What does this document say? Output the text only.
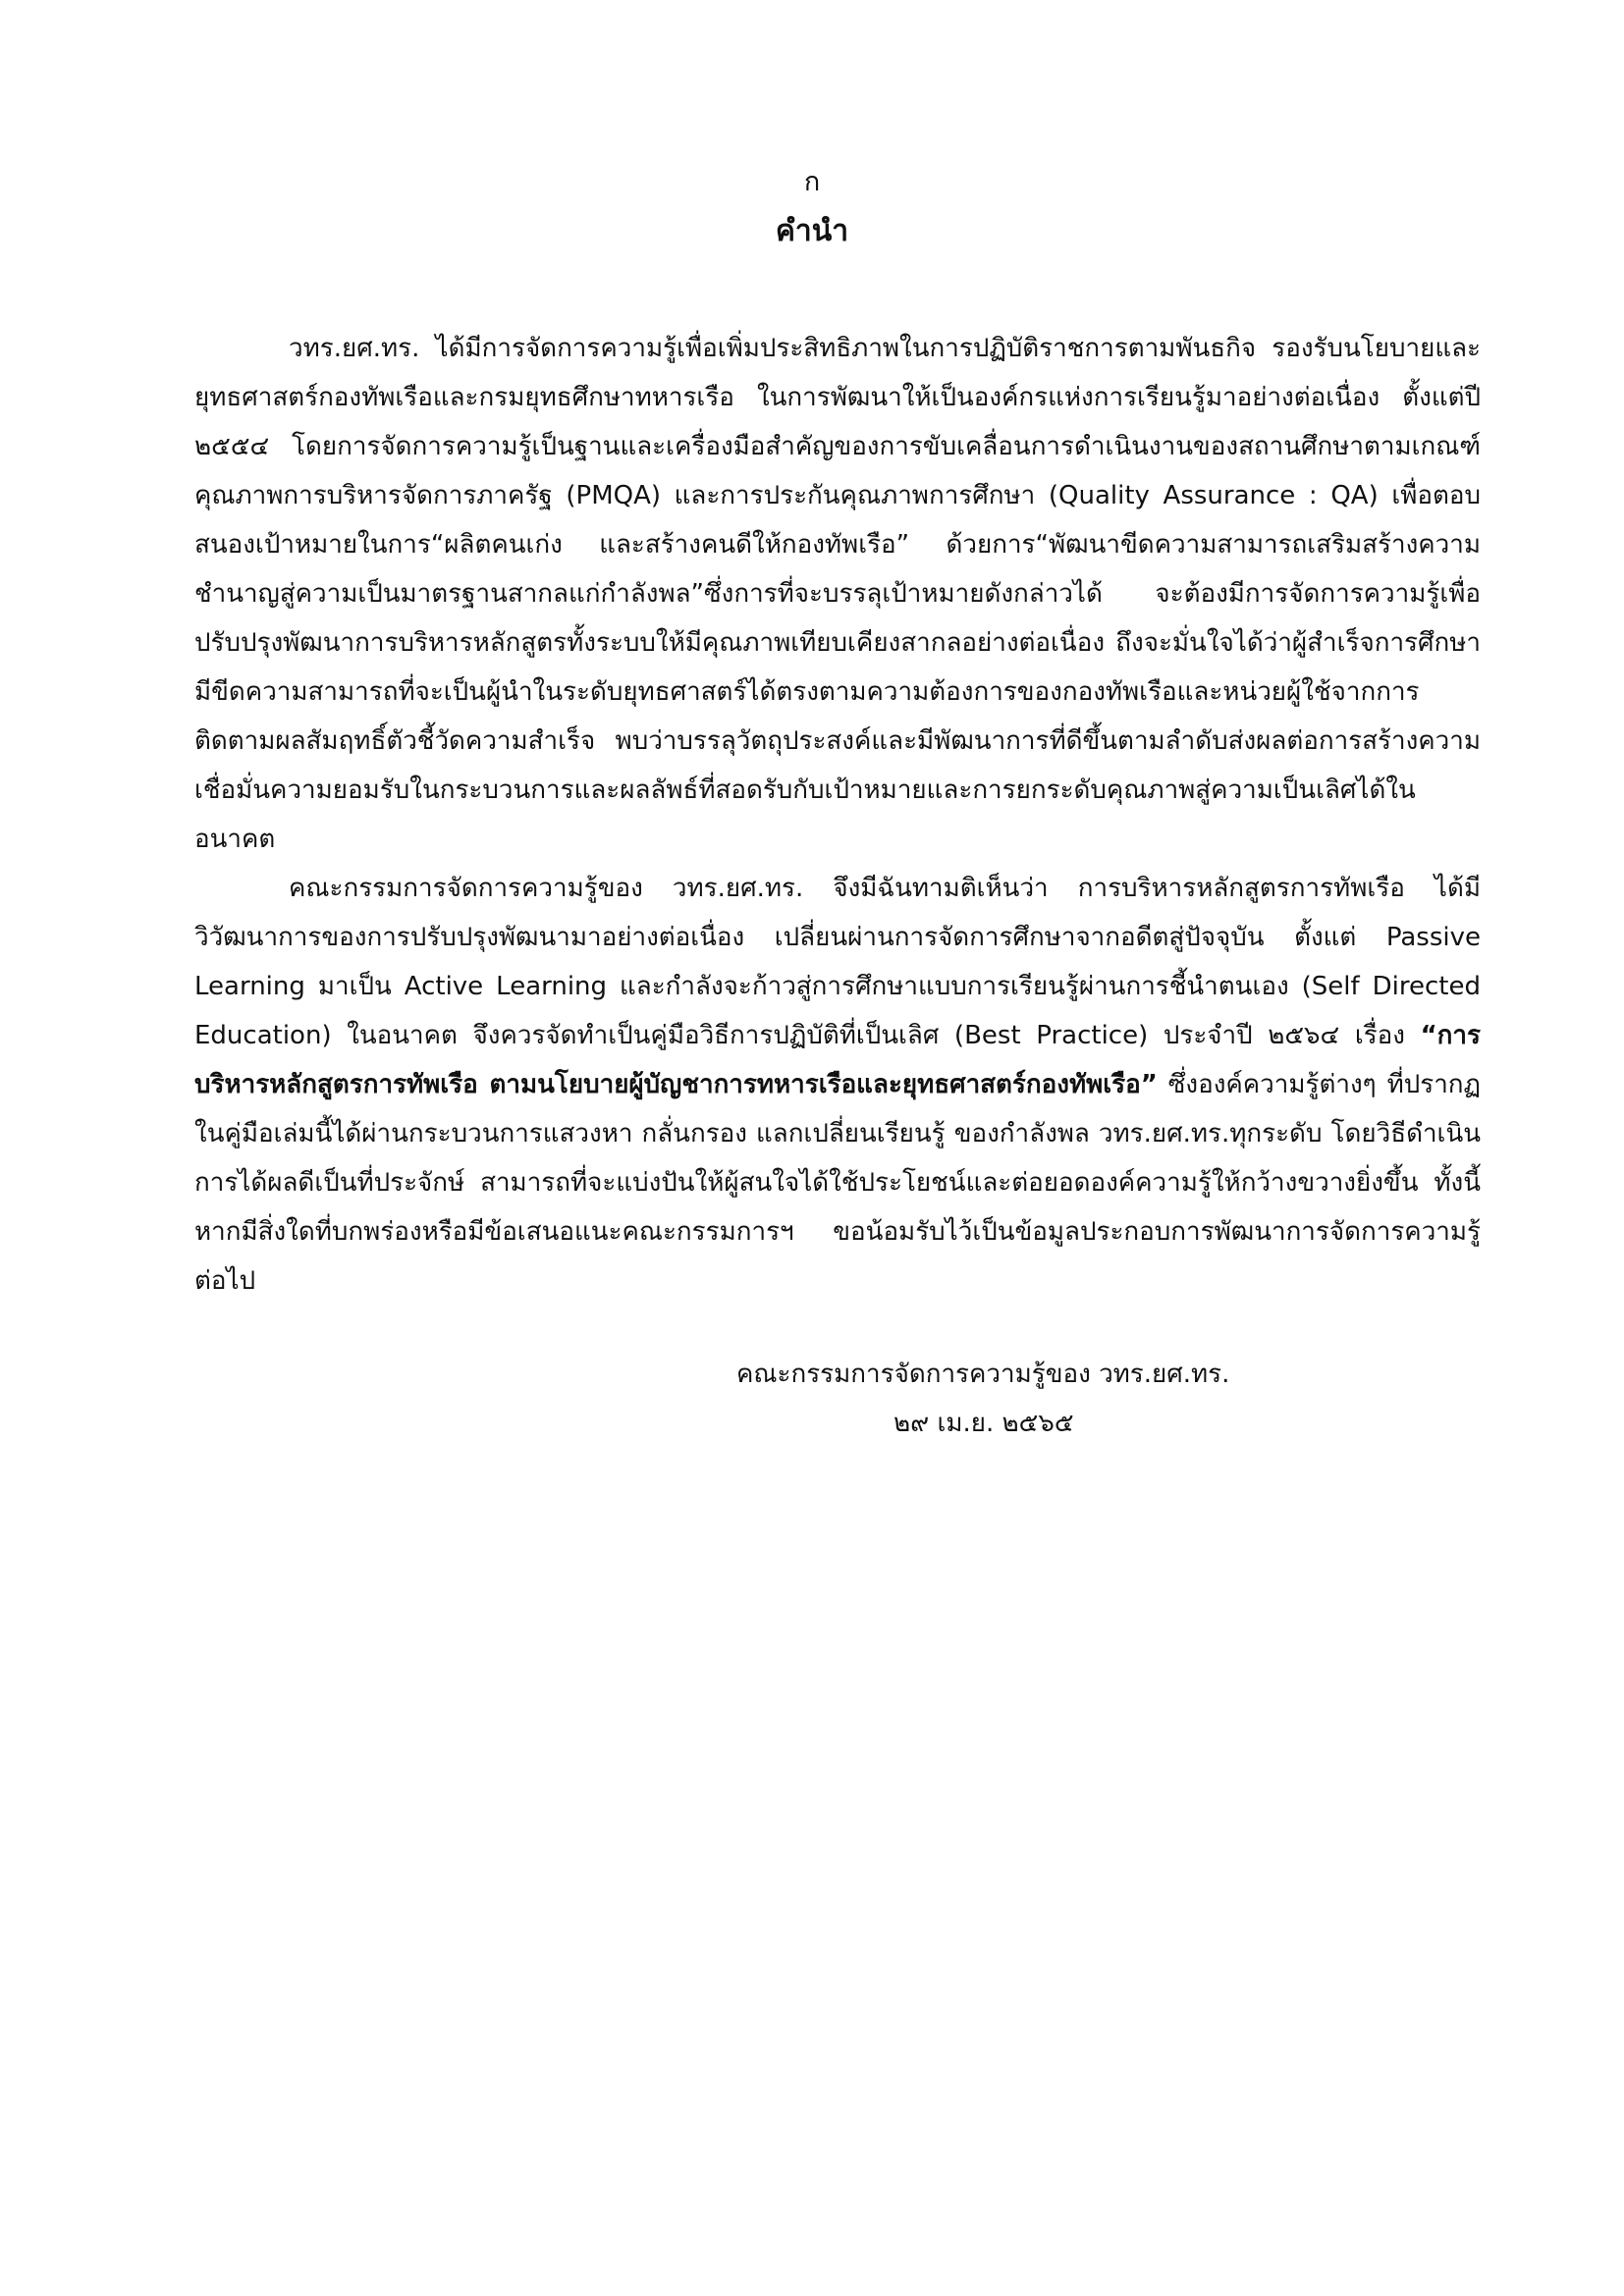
ก
คำนำ

วทร.ยศ.ทร. ได้มีการจัดการความรู้เพื่อเพิ่มประสิทธิภาพในการปฏิบัติราชการตามพันธกิจ รองรับนโยบายและยุทธศาสตร์กองทัพเรือและกรมยุทธศึกษาทหารเรือ ในการพัฒนาให้เป็นองค์กรแห่งการเรียนรู้มาอย่างต่อเนื่อง ตั้งแต่ปี ๒๕๕๔ โดยการจัดการความรู้เป็นฐานและเครื่องมือสำคัญของการขับเคลื่อนการดำเนินงานของสถานศึกษาตามเกณฑ์คุณภาพการบริหารจัดการภาครัฐ (PMQA) และการประกันคุณภาพการศึกษา (Quality Assurance : QA) เพื่อตอบสนองเป้าหมายในการ“ผลิตคนเก่ง และสร้างคนดีให้กองทัพเรือ” ด้วยการ“พัฒนาขีดความสามารถเสริมสร้างความชำนาญสู่ความเป็นมาตรฐานสากลแก่กำลังพล”ซึ่งการที่จะบรรลุเป้าหมายดังกล่าวได้ จะต้องมีการจัดการความรู้เพื่อปรับปรุงพัฒนาการบริหารหลักสูตรทั้งระบบให้มีคุณภาพเทียบเคียงสากลอย่างต่อเนื่อง ถึงจะมั่นใจได้ว่าผู้สำเร็จการศึกษามีขีดความสามารถที่จะเป็นผู้นำในระดับยุทธศาสตร์ได้ตรงตามความต้องการของกองทัพเรือและหน่วยผู้ใช้จากการติดตามผลสัมฤทธิ์ตัวชี้วัดความสำเร็จ พบว่าบรรลุวัตถุประสงค์และมีพัฒนาการที่ดีขึ้นตามลำดับส่งผลต่อการสร้างความเชื่อมั่นความยอมรับในกระบวนการและผลลัพธ์ที่สอดรับกับเป้าหมายและการยกระดับคุณภาพสู่ความเป็นเลิศได้ในอนาคต

คณะกรรมการจัดการความรู้ของ วทร.ยศ.ทร. จึงมีฉันทามติเห็นว่า การบริหารหลักสูตรการทัพเรือ ได้มีวิวัฒนาการของการปรับปรุงพัฒนามาอย่างต่อเนื่อง เปลี่ยนผ่านการจัดการศึกษาจากอดีตสู่ปัจจุบัน ตั้งแต่ Passive Learning มาเป็น Active Learning และกำลังจะก้าวสู่การศึกษาแบบการเรียนรู้ผ่านการชี้นำตนเอง (Self Directed Education) ในอนาคต จึงควรจัดทำเป็นคู่มือวิธีการปฏิบัติที่เป็นเลิศ (Best Practice) ประจำปี ๒๕๖๔ เรื่อง “การบริหารหลักสูตรการทัพเรือ ตามนโยบายผู้บัญชาการทหารเรือและยุทธศาสตร์กองทัพเรือ” ซึ่งองค์ความรู้ต่างๆ ที่ปรากฏในคู่มือเล่มนี้ได้ผ่านกระบวนการแสวงหา กลั่นกรอง แลกเปลี่ยนเรียนรู้ ของกำลังพล วทร.ยศ.ทร.ทุกระดับ โดยวิธีดำเนินการได้ผลดีเป็นที่ประจักษ์ สามารถที่จะแบ่งปันให้ผู้สนใจได้ใช้ประโยชน์และต่อยอดองค์ความรู้ให้กว้างขวางยิ่งขึ้น ทั้งนี้หากมีสิ่งใดที่บกพร่องหรือมีข้อเสนอแนะคณะกรรมการฯ ขอน้อมรับไว้เป็นข้อมูลประกอบการพัฒนาการจัดการความรู้ต่อไป

คณะกรรมการจัดการความรู้ของ วทร.ยศ.ทร.
๒๙ เม.ย. ๒๕๖๕
